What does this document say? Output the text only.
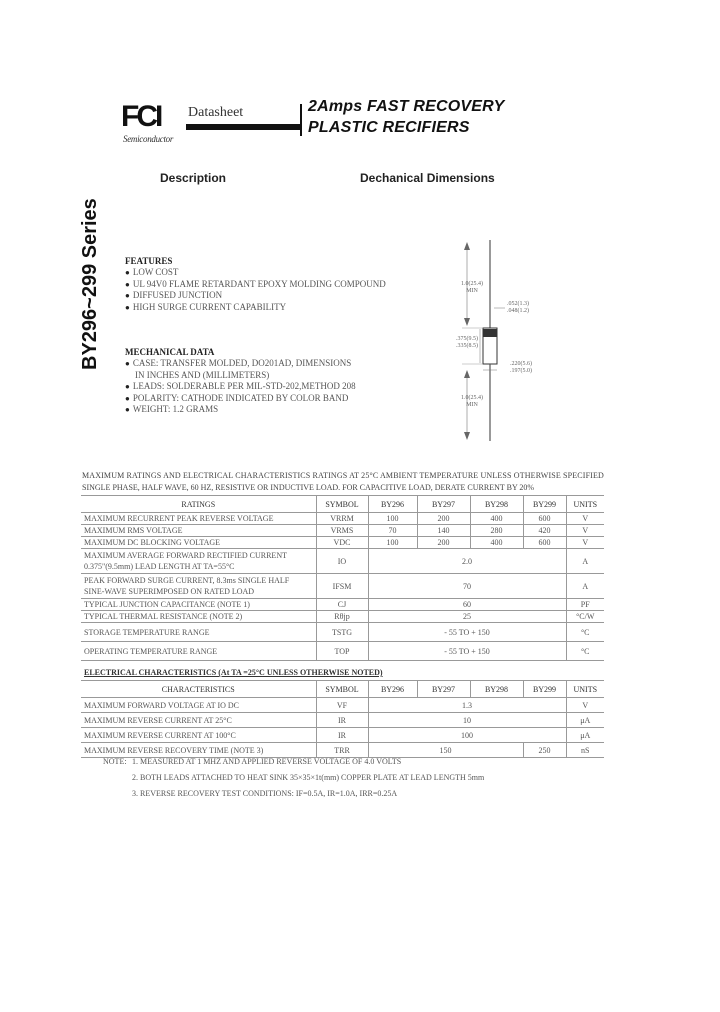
FCI
Semiconductor
Datasheet	2Amps FAST RECOVERY
PLASTIC RECIFIERS
Description	Dechanical Dimensions
BY296~299 Series	FEATURES
● LOW COST
● UL 94V0 FLAME RETARDANT EPOXY MOLDING COMPOUND
● DIFFUSED JUNCTION
● HIGH SURGE CURRENT CAPABILITY
MECHANICAL DATA
● CASE: TRANSFER MOLDED, DO201AD, DIMENSIONS
IN INCHES AND (MILLIMETERS)
● LEADS: SOLDERABLE PER MIL-STD-202,METHOD 208
● POLARITY: CATHODE INDICATED BY COLOR BAND
● WEIGHT: 1.2 GRAMS
1.0(25.4)
MIN
.052(1.3)
.048(1.2)
.375(9.5)
.335(8.5)
.220(5.6)
.197(5.0)
1.0(25.4)
MIN
MAXIMUM RATINGS AND ELECTRICAL CHARACTERISTICS RATINGS AT 25°C AMBIENT TEMPERATURE UNLESS OTHERWISE SPECIFIED
SINGLE PHASE, HALF WAVE, 60 HZ, RESISTIVE OR INDUCTIVE LOAD. FOR CAPACITIVE LOAD, DERATE CURRENT BY 20%
RATINGS	SYMBOL	BY296	BY297	BY298	BY299	UNITS
MAXIMUM RECURRENT PEAK REVERSE VOLTAGE	VRRM	100	200	400	600	V
MAXIMUM RMS VOLTAGE	VRMS	70	140	280	420	V
MAXIMUM DC BLOCKING VOLTAGE	VDC	100	200	400	600	V

MAXIMUM AVERAGE FORWARD RECTIFIED CURRENT
0.375"(9.5mm) LEAD LENGTH AT TA=55°C	IO	2.0				A

PEAK FORWARD SURGE CURRENT, 8.3ms SINGLE HALF
SINE-WAVE SUPERIMPOSED ON RATED LOAD	IFSM	70				A
TYPICAL JUNCTION CAPACITANCE (NOTE 1)	CJ	60				PF
TYPICAL THERMAL RESISTANCE (NOTE 2)	Rθjp	25				°C/W
STORAGE TEMPERATURE RANGE	TSTG	- 55 TO + 150				°C
OPERATING TEMPERATURE RANGE	TOP	- 55 TO + 150				°C
ELECTRICAL CHARACTERISTICS (At TA =25°C UNLESS OTHERWISE NOTED)
CHARACTERISTICS	SYMBOL	BY296	BY297	BY298	BY299	UNITS
MAXIMUM FORWARD VOLTAGE AT IO DC	VF	1.3				V
MAXIMUM REVERSE CURRENT AT 25°C	IR	10				μA
MAXIMUM REVERSE CURRENT AT 100°C	IR	100				μA
MAXIMUM REVERSE RECOVERY TIME (NOTE 3)	TRR	150			250	nS
NOTE: 1. MEASURED AT 1 MHZ AND APPLIED REVERSE VOLTAGE OF 4.0 VOLTS
2. BOTH LEADS ATTACHED TO HEAT SINK 35×35×1t(mm) COPPER PLATE AT LEAD LENGTH 5mm
3. REVERSE RECOVERY TEST CONDITIONS: IF=0.5A, IR=1.0A, IRR=0.25A
